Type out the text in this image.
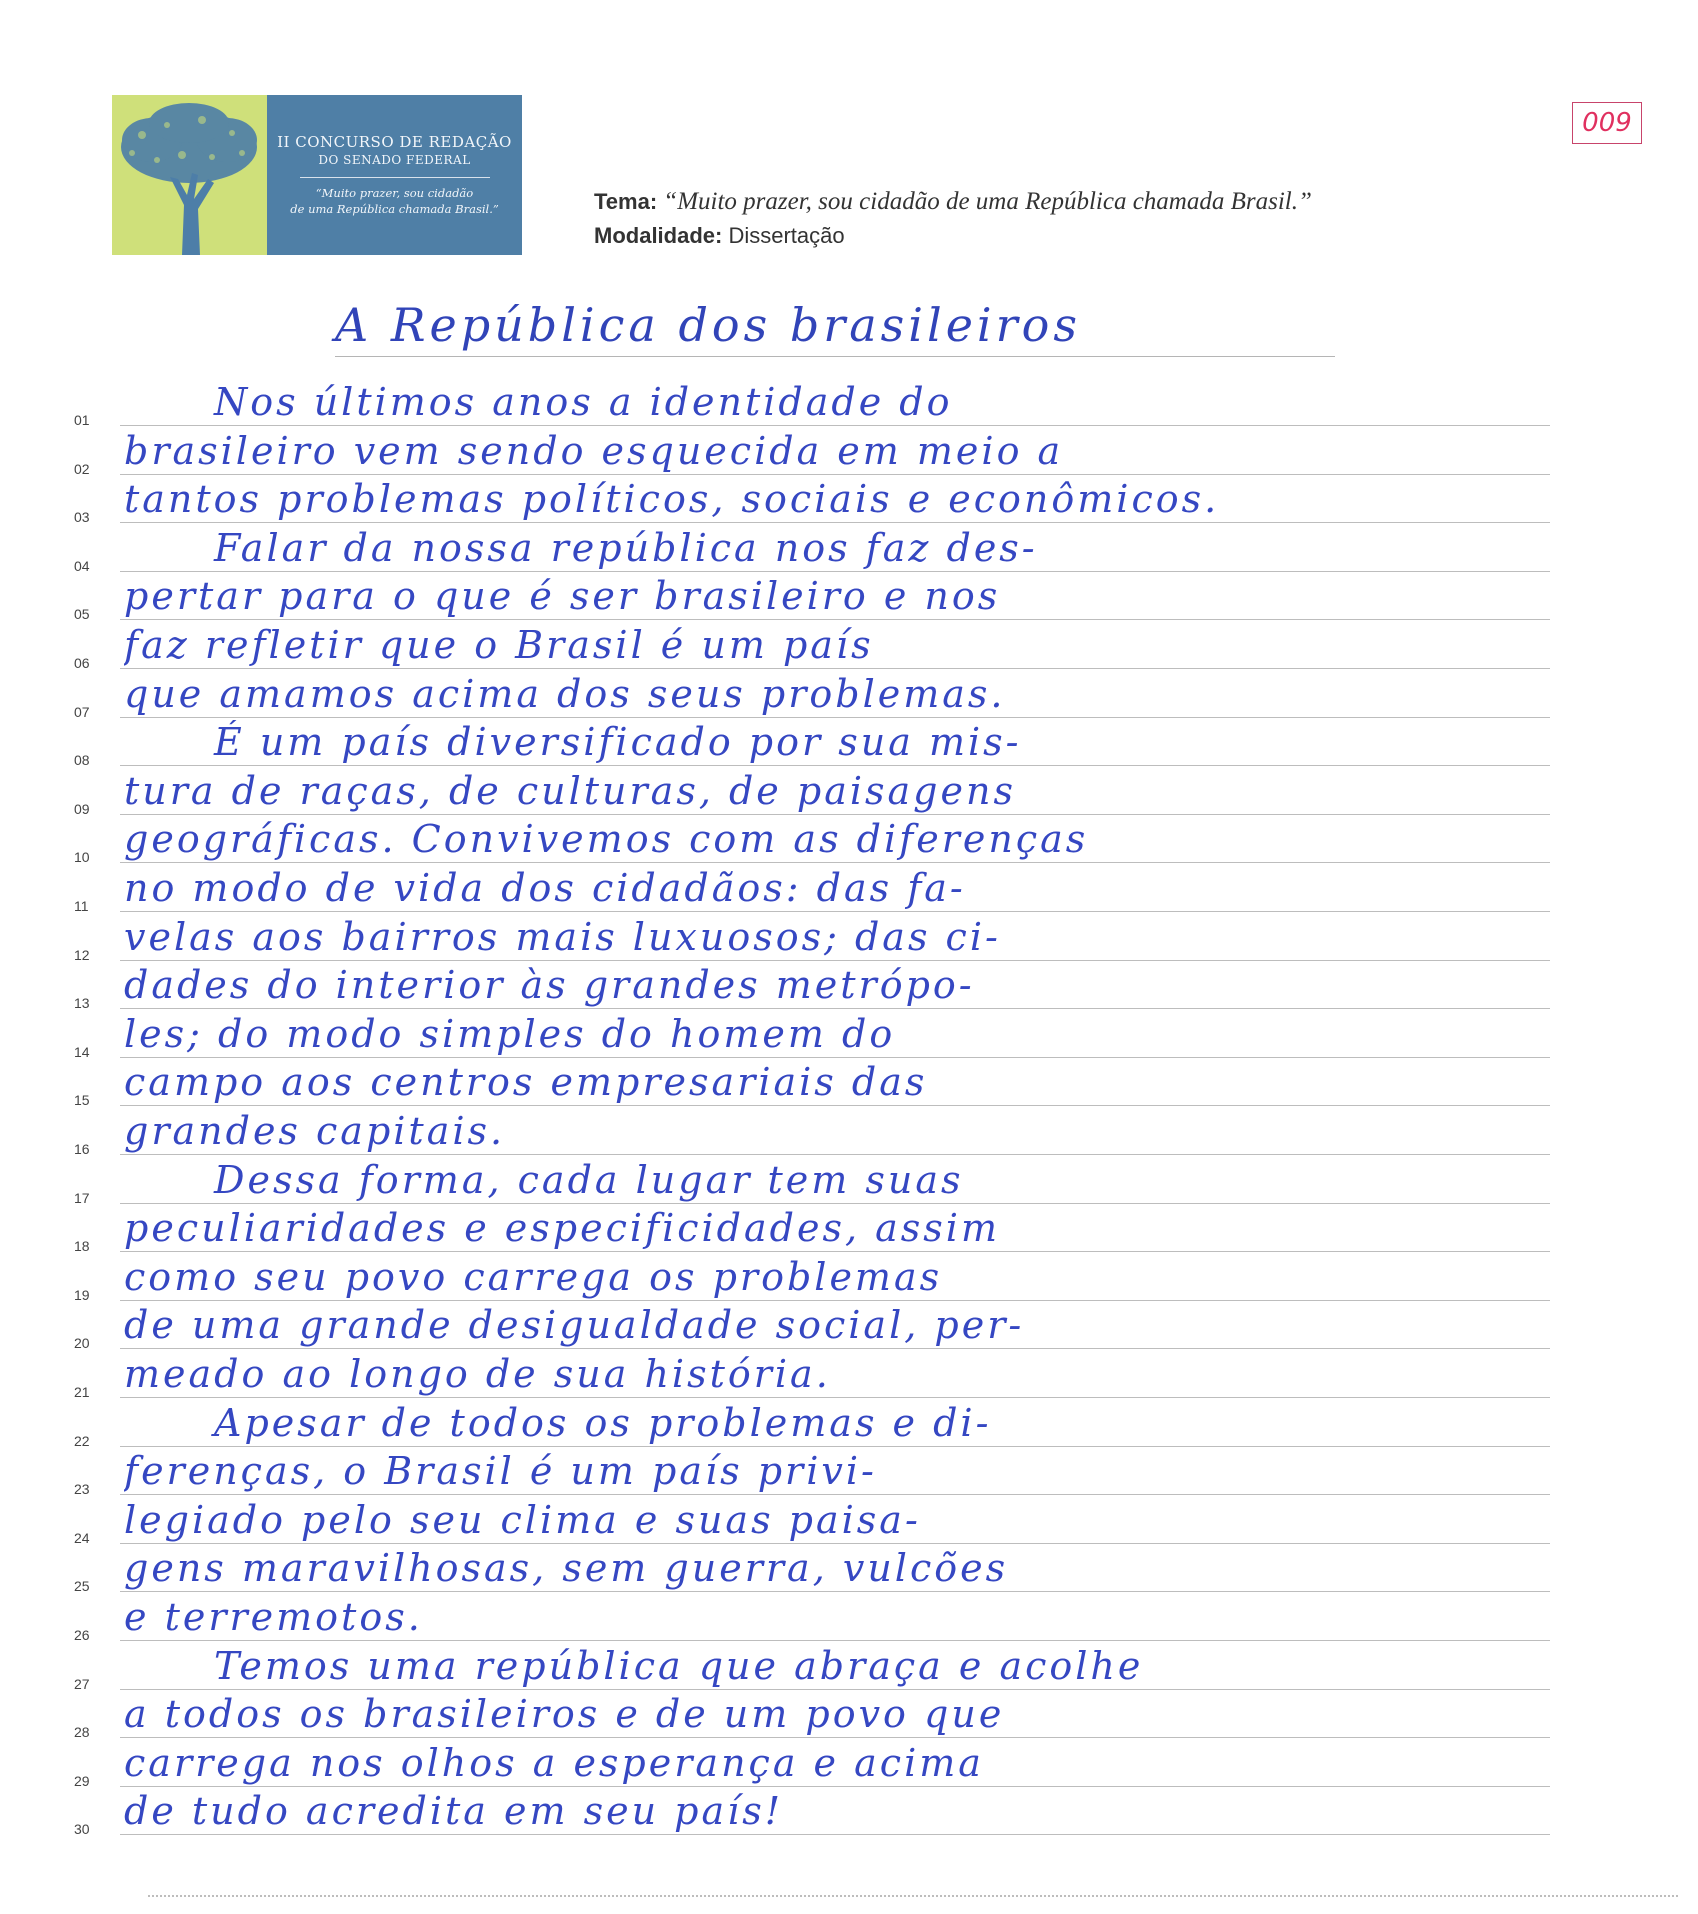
II CONCURSO DE REDAÇÃO
DO SENADO FEDERAL
“Muito prazer, sou cidadão
de uma República chamada Brasil.”
009
Tema: “Muito prazer, sou cidadão de uma República chamada Brasil.”
Modalidade: Dissertação
A República dos brasileiros
01	Nos últimos anos a identidade do
02 brasileiro vem sendo esquecida em meio a
03 tantos problemas políticos, sociais e econômicos.
04	Falar da nossa república nos faz des-
05 pertar para o que é ser brasileiro e nos
06 faz refletir que o Brasil é um país
07 que amamos acima dos seus problemas.
08	É um país diversificado por sua mis-
09 tura de raças, de culturas, de paisagens
10 geográficas. Convivemos com as diferenças
11 no modo de vida dos cidadãos: das fa-
12 velas aos bairros mais luxuosos; das ci-
13 dades do interior às grandes metrópo-
14 les; do modo simples do homem do
15 campo aos centros empresariais das
16 grandes capitais.
17	Dessa forma, cada lugar tem suas
18 peculiaridades e especificidades, assim
19 como seu povo carrega os problemas
20 de uma grande desigualdade social, per-
21 meado ao longo de sua história.
22	Apesar de todos os problemas e di-
23 ferenças, o Brasil é um país privi-
24 legiado pelo seu clima e suas paisa-
25 gens maravilhosas, sem guerra, vulcões
26 e terremotos.
27	Temos uma república que abraça e acolhe
28 a todos os brasileiros e de um povo que
29 carrega nos olhos a esperança e acima
30 de tudo acredita em seu país!
